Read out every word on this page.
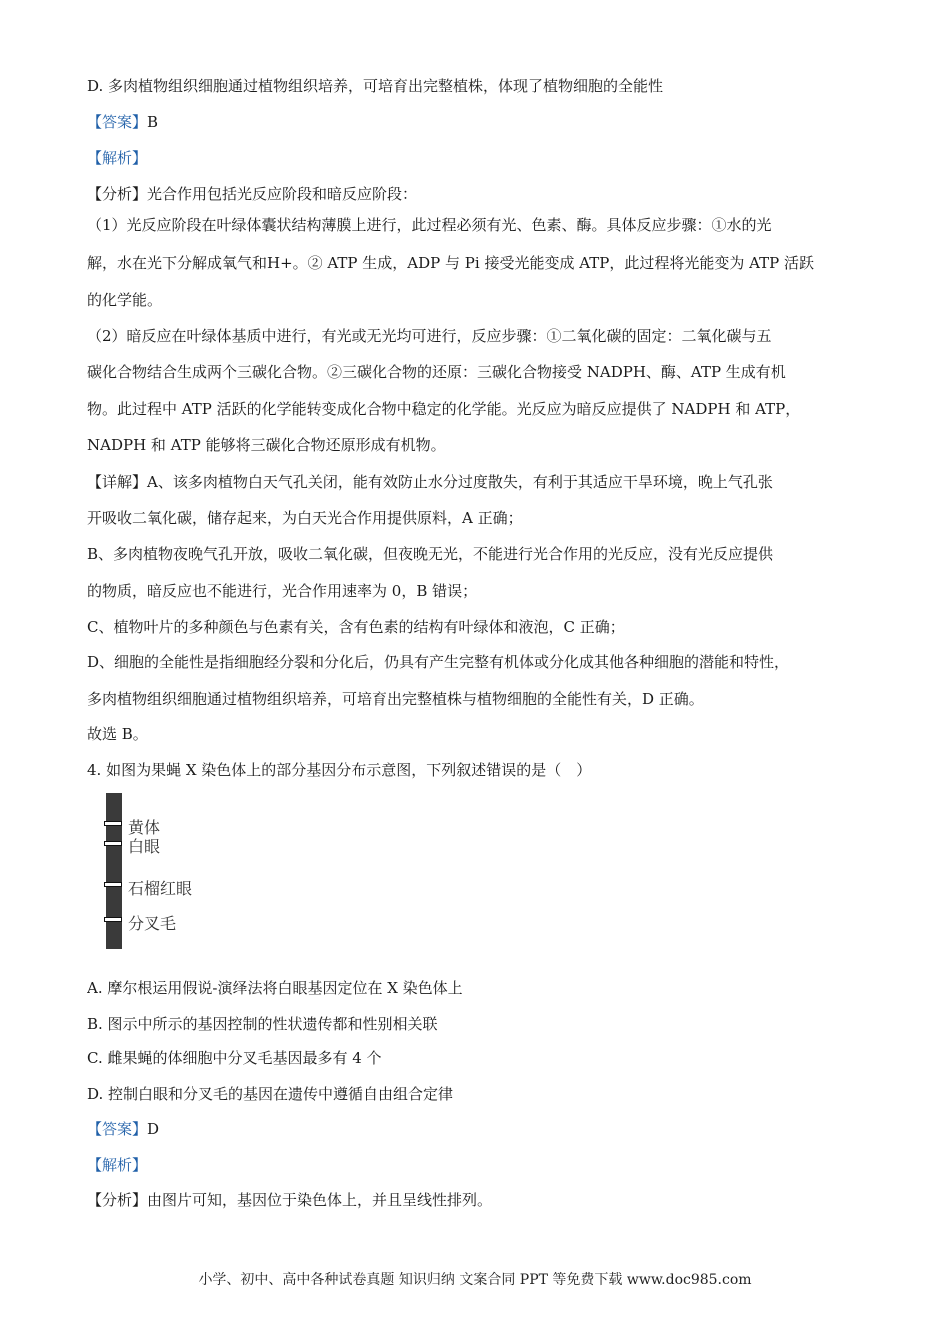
D. 多肉植物组织细胞通过植物组织培养，可培育出完整植株，体现了植物细胞的全能性
【答案】B
【解析】
【分析】光合作用包括光反应阶段和暗反应阶段：
（1）光反应阶段在叶绿体囊状结构薄膜上进行，此过程必须有光、色素、酶。具体反应步骤：①水的光
解，水在光下分解成氧气和H+。② ATP 生成，ADP 与 Pi 接受光能变成 ATP，此过程将光能变为 ATP 活跃
的化学能。
（2）暗反应在叶绿体基质中进行，有光或无光均可进行，反应步骤：①二氧化碳的固定：二氧化碳与五
碳化合物结合生成两个三碳化合物。②三碳化合物的还原：三碳化合物接受 NADPH、酶、ATP 生成有机
物。此过程中 ATP 活跃的化学能转变成化合物中稳定的化学能。光反应为暗反应提供了 NADPH 和 ATP，
NADPH 和 ATP 能够将三碳化合物还原形成有机物。
【详解】A、该多肉植物白天气孔关闭，能有效防止水分过度散失，有利于其适应干旱环境，晚上气孔张
开吸收二氧化碳，储存起来，为白天光合作用提供原料，A 正确；
B、多肉植物夜晚气孔开放，吸收二氧化碳，但夜晚无光，不能进行光合作用的光反应，没有光反应提供
的物质，暗反应也不能进行，光合作用速率为 0，B 错误；
C、植物叶片的多种颜色与色素有关，含有色素的结构有叶绿体和液泡，C 正确；
D、细胞的全能性是指细胞经分裂和分化后，仍具有产生完整有机体或分化成其他各种细胞的潜能和特性，
多肉植物组织细胞通过植物组织培养，可培育出完整植株与植物细胞的全能性有关，D 正确。
故选 B。
4. 如图为果蝇 X 染色体上的部分基因分布示意图，下列叙述错误的是（　）
黄体
白眼
石榴红眼
分叉毛
A. 摩尔根运用假说-演绎法将白眼基因定位在 X 染色体上
B. 图示中所示的基因控制的性状遗传都和性别相关联
C. 雌果蝇的体细胞中分叉毛基因最多有 4 个
D. 控制白眼和分叉毛的基因在遗传中遵循自由组合定律
【答案】D
【解析】
【分析】由图片可知，基因位于染色体上，并且呈线性排列。
小学、初中、高中各种试卷真题 知识归纳 文案合同 PPT 等免费下载 www.doc985.com
